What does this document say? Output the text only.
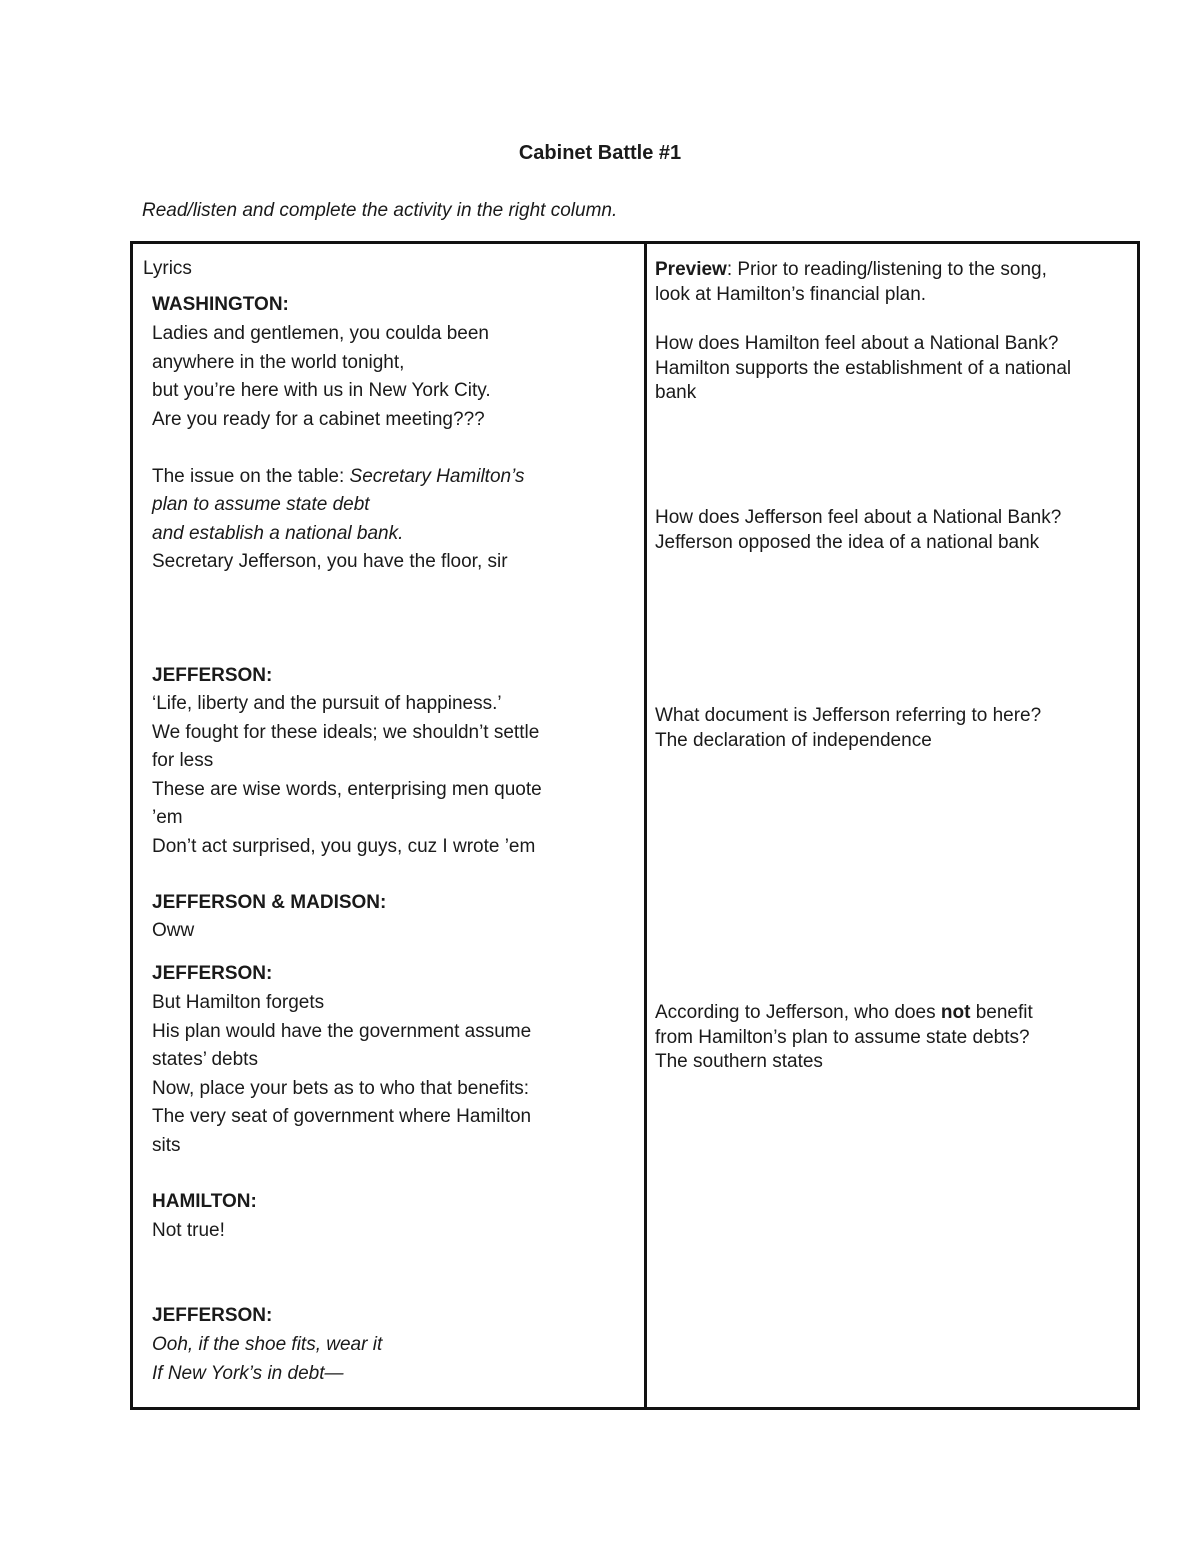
Cabinet Battle #1
Read/listen and complete the activity in the right column.
Lyrics
WASHINGTON:
Ladies and gentlemen, you coulda been
anywhere in the world tonight,
but you’re here with us in New York City.
Are you ready for a cabinet meeting???
The issue on the table: Secretary Hamilton’s
plan to assume state debt
and establish a national bank.
Secretary Jefferson, you have the floor, sir
JEFFERSON:
‘Life, liberty and the pursuit of happiness.’
We fought for these ideals; we shouldn’t settle
for less
These are wise words, enterprising men quote
’em
Don’t act surprised, you guys, cuz I wrote ’em
JEFFERSON & MADISON:
Oww
JEFFERSON:
But Hamilton forgets
His plan would have the government assume
states’ debts
Now, place your bets as to who that benefits:
The very seat of government where Hamilton
sits
HAMILTON:
Not true!
JEFFERSON:
Ooh, if the shoe fits, wear it
If New York’s in debt—
Preview: Prior to reading/listening to the song,
look at Hamilton’s financial plan.
How does Hamilton feel about a National Bank?
Hamilton supports the establishment of a national
bank
How does Jefferson feel about a National Bank?
Jefferson opposed the idea of a national bank
What document is Jefferson referring to here?
The declaration of independence
According to Jefferson, who does not benefit
from Hamilton’s plan to assume state debts?
The southern states
